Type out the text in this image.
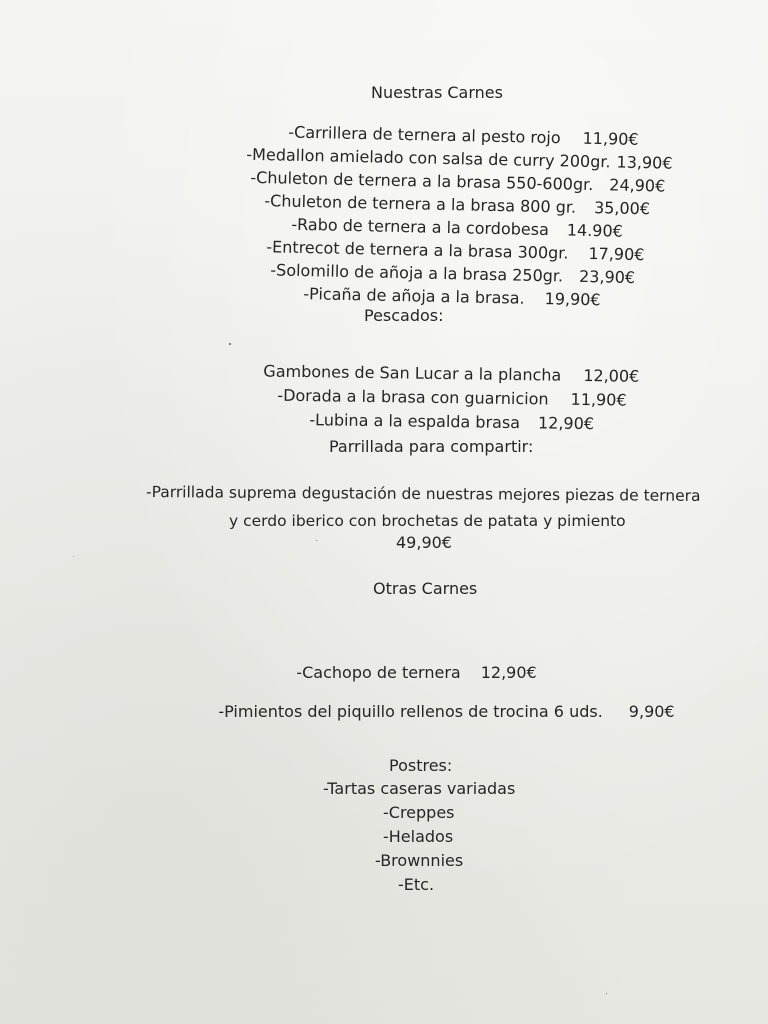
Nuestras Carnes

-Carrillera de ternera al pesto rojo 11,90€

-Medallon amielado con salsa de curry 200gr. 13,90€

-Chuleton de ternera a la brasa 550-600gr. 24,90€

-Chuleton de ternera a la brasa 800 gr. 35,00€

-Rabo de ternera a la cordobesa 14.90€

-Entrecot de ternera a la brasa 300gr. 17,90€

-Solomillo de añoja a la brasa 250gr. 23,90€

-Picaña de añoja a la brasa. 19,90€

Pescados:

Gambones de San Lucar a la plancha 12,00€

-Dorada a la brasa con guarnicion 11,90€

-Lubina a la espalda brasa 12,90€

Parrillada para compartir:
-Parrillada suprema degustación de nuestras mejores piezas de ternera
y cerdo iberico con brochetas de patata y pimiento
49,90€
Otras Carnes

-Cachopo de ternera 12,90€

-Pimientos del piquillo rellenos de trocina 6 uds. 9,90€

Postres:
-Tartas caseras variadas
-Creppes
-Helados
-Brownnies
-Etc.
